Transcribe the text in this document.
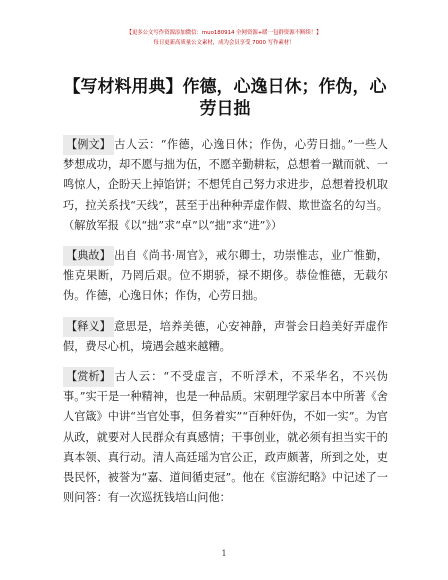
【更多公文写作资源添加微信：muo180914 全网资源+暖一包群资源不断续！】
每日更新高质量公文素材，成为会员享受 7000 写作素材！
【写材料用典】作德，心逸日休；作伪，心劳日拙

【例文】 古人云：“作德，心逸日休；作伪，心劳日拙。”一些人梦想成功，却不愿与拙为伍，不愿辛勤耕耘，总想着一蹴而就、一鸣惊人，企盼天上掉馅饼；不想凭自己努力求进步，总想着投机取巧，拉关系找“天线”，甚至于出种种弄虚作假、欺世盗名的勾当。（解放军报《以“拙”求“卓”以“拙”求“进”》）

【典故】 出自《尚书·周官》，戒尔卿士，功崇惟志，业广惟勤，惟克果断，乃罔后艰。位不期骄，禄不期侈。恭俭惟德，无载尔伪。作德，心逸日休；作伪，心劳日拙。

【释义】 意思是，培养美德，心安神静，声誉会日趋美好弄虚作假，费尽心机，境遇会越来越糟。

【赏析】 古人云：“不受虚言，不听浮术，不采华名，不兴伪事。”实干是一种精神，也是一种品质。宋朝理学家吕本中所著《舍人官箴》中讲“当官处事，但务着实”“百种奸伪，不如一实”。为官从政，就要对人民群众有真感情；干事创业，就必须有担当实干的真本领、真行动。清人高廷瑶为官公正，政声颇著，所到之处，吏畏民怀，被誉为“嘉、道间循吏冠”。他在《宦游纪略》中记述了一则问答：有一次巡抚钱培山问他：

1
